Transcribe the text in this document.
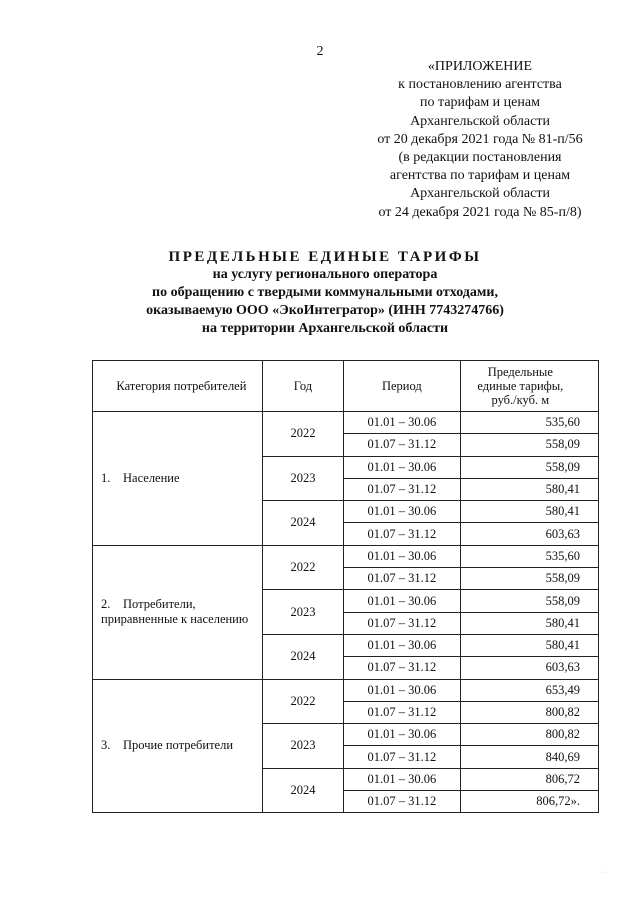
2
«ПРИЛОЖЕНИЕ
к постановлению агентства
по тарифам и ценам
Архангельской области
от 20 декабря 2021 года № 81-п/56
(в редакции постановления
агентства по тарифам и ценам
Архангельской области
от 24 декабря 2021 года № 85-п/8)
ПРЕДЕЛЬНЫЕ ЕДИНЫЕ ТАРИФЫ
на услугу регионального оператора
по обращению с твердыми коммунальными отходами,
оказываемую ООО «ЭкоИнтегратор» (ИНН 7743274766)
на территории Архангельской области
Категория потребителей	Год	Период	Предельные
единые тарифы,
руб./куб. м

1. Население	2022	01.01 – 30.06	535,60
		01.07 – 31.12	558,09
	2023	01.01 – 30.06	558,09
		01.07 – 31.12	580,41
	2024	01.01 – 30.06	580,41
		01.07 – 31.12	603,63

2. Потребители,
приравненные к населению	2022	01.01 – 30.06	535,60
		01.07 – 31.12	558,09
	2023	01.01 – 30.06	558,09
		01.07 – 31.12	580,41
	2024	01.01 – 30.06	580,41
		01.07 – 31.12	603,63
3. Прочие потребители	2022	01.01 – 30.06	653,49
		01.07 – 31.12	800,82
	2023	01.01 – 30.06	800,82
		01.07 – 31.12	840,69
	2024	01.01 – 30.06	806,72
		01.07 – 31.12	806,72».
· ·
